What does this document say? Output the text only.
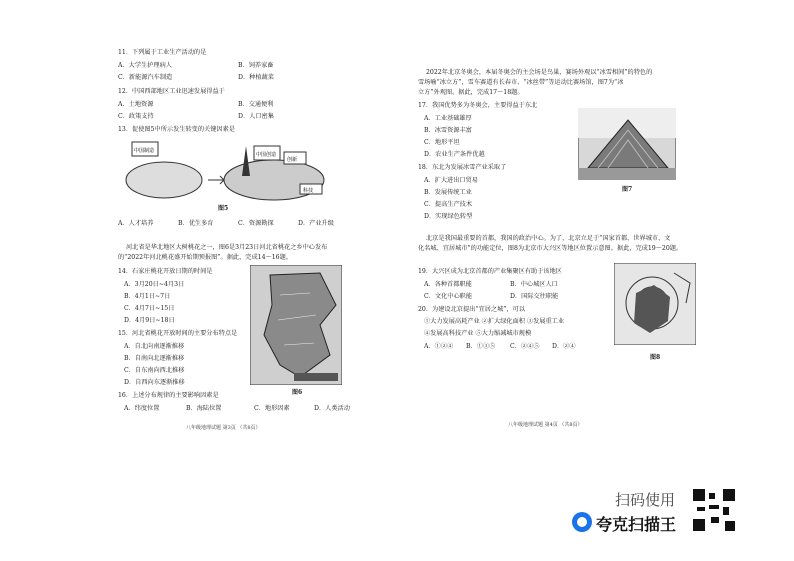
11．下列属于工业生产活动的是

A．大学生护理病人	B．饲养家畜
C．新能源汽车制造	D．种植蔬菜

12．中国西部地区工业迅速发展得益于

A．土地资源	B．交通便利
C．政策支持	D．人口密集

13．促使图5中所示发生转变的关键因素是

中国制造
中国创造
创新
科技
图5
A．人才培养	B．优生多育	C．资源勘探	D．产业升级

河北省是华北地区大树桃花之一，图6是3月23日河北省桃花之乡中心发布

的“2022年河北桃花盛开始期预报图”。据此，完成14～16题。

14．石家庄桃花开放日期的时间是

A．3月20日~4月3日
B．4月1日~7日
C．4月7日~15日
D．4月9日~18日

15．河北省桃花开放时间的主要分布特点是

A．自北向南逐渐推移
B．自南向北逐渐推移
C．自东南向西北推移
D．自西向东逐渐推移

16．上述分布规律的主要影响因素是

A．纬度位置	B．海陆位置	C．地形因素	D．人类活动
图6
八年级地理试题 第3页 （共8页）

2022年北京冬奥会，本届冬奥会的主会场是鸟巢，赛场外观以“冰雪相间”的特色的

雪场喻“冰立方”，雪车赛道有长春市、“冰丝带”等运动比赛场馆，图7为“冰

立方”外观图。据此，完成17～18题。

17．我国优势多为冬奥会，主要得益于东北

A．工业基础雄厚
B．冰雪资源丰富
C．地形平坦
D．农业生产条件优越

18．东北为发展冰雪产业采取了

A．扩大进出口贸易
B．发展传统工业
C．提高生产技术
D．实现绿色转型

北京是我国最重要的首都，我国的政治中心。为了，北京立足于“国家首都、世界城市、文

化名城、宜居城市”的功能定位，图8为北京市大兴区等地区位置示意图。据此，完成19～20题。

19．大兴区成为北京首都的产业集聚区有助于该地区

A．各种首都职能	B．中心城区人口
C．文化中心职能	D．国际交往职能

20．为建设北京提出“宜居之城”，可以

①大力发展高耗产业 ②扩大绿化面积 ③发展重工业

④发展高科技产业 ⑤大力缩减城市规模

A．①②④ B．①③⑤ C．②④⑤ D．②④
图7
图8
八年级地理试题 第4页 （共8页）
扫码使用
夸克扫描王
